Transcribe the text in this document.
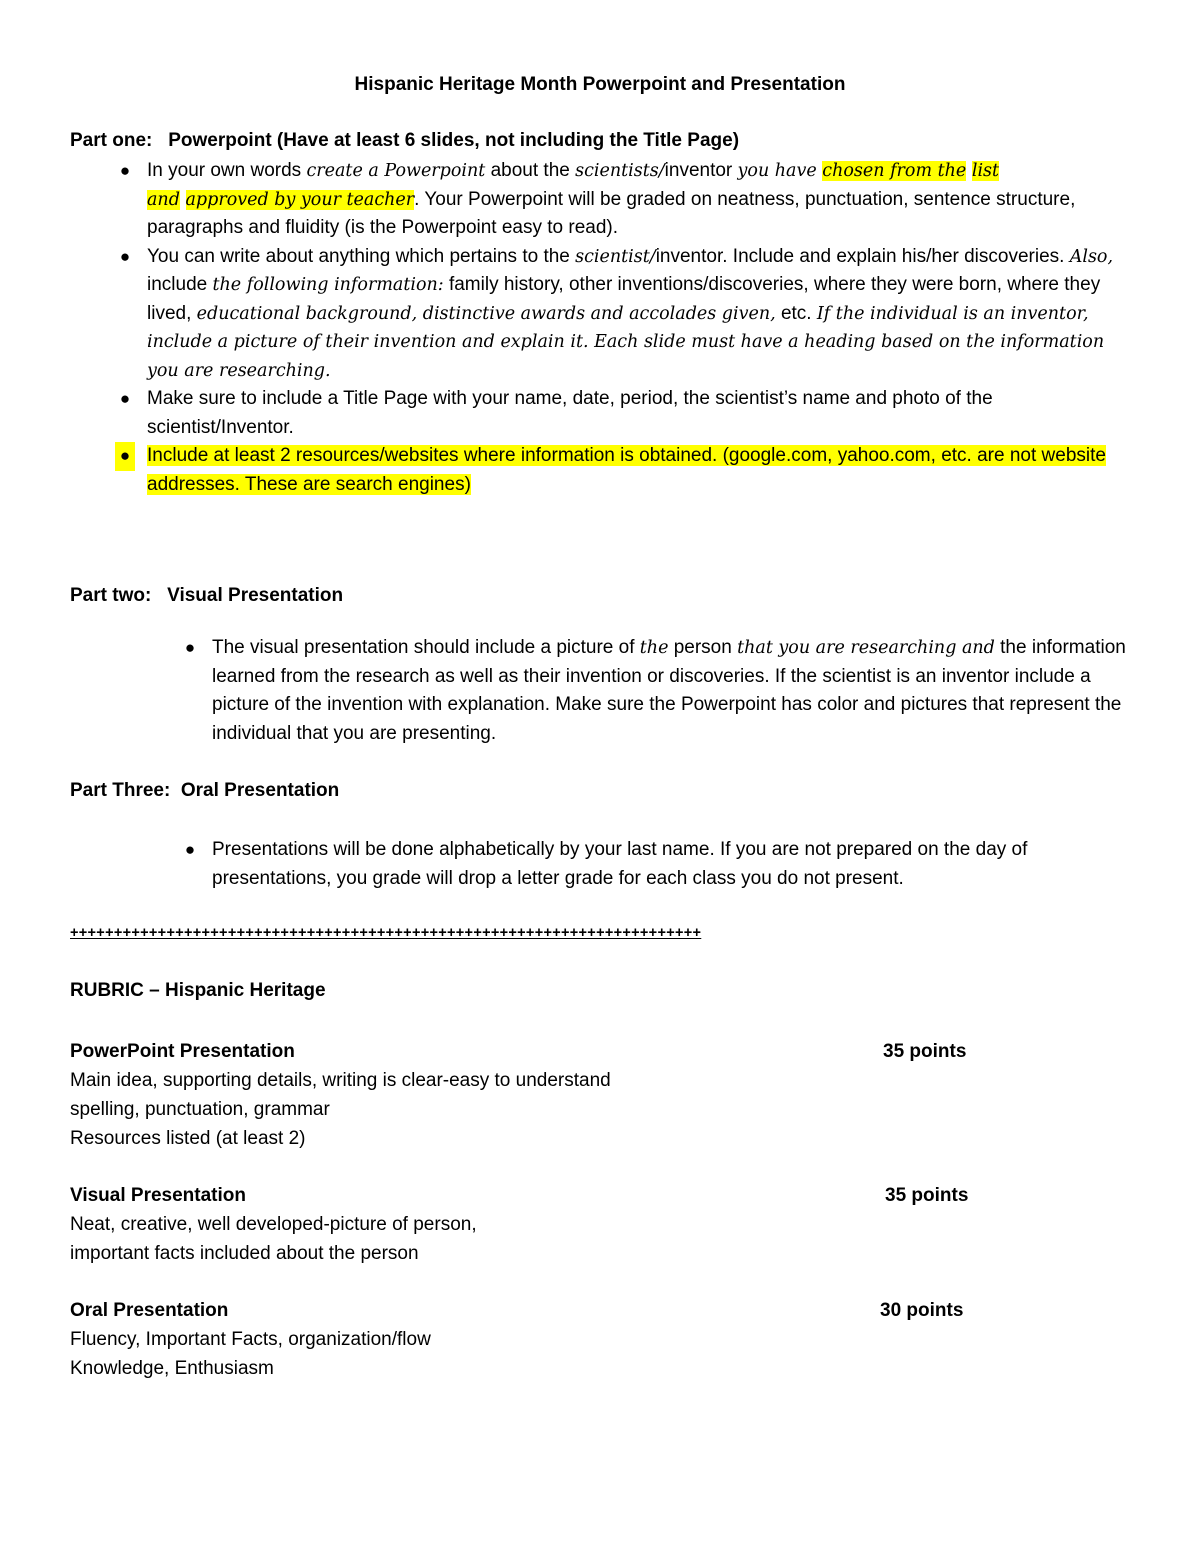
Hispanic Heritage Month Powerpoint and Presentation
Part one: Powerpoint (Have at least 6 slides, not including the Title Page)
● In your own words create a Powerpoint about the scientists/inventor you have chosen from the list
and approved by your teacher. Your Powerpoint will be graded on neatness, punctuation, sentence structure, paragraphs and fluidity (is the Powerpoint easy to read).
● You can write about anything which pertains to the scientist/inventor. Include and explain his/her discoveries. Also, include the following information: family history, other inventions/discoveries, where they were born, where they lived, educational background, distinctive awards and accolades given, etc. If the individual is an inventor, include a picture of their invention and explain it. Each slide must have a heading based on the information you are researching.
● Make sure to include a Title Page with your name, date, period, the scientist’s name and photo of the scientist/Inventor.
● Include at least 2 resources/websites where information is obtained. (google.com, yahoo.com, etc. are not website addresses. These are search engines)
Part two: Visual Presentation
● The visual presentation should include a picture of the person that you are researching and the information learned from the research as well as their invention or discoveries. If the scientist is an inventor include a picture of the invention with explanation. Make sure the Powerpoint has color and pictures that represent the individual that you are presenting.
Part Three: Oral Presentation
● Presentations will be done alphabetically by your last name. If you are not prepared on the day of presentations, you grade will drop a letter grade for each class you do not present.
++++++++++++++++++++++++++++++++++++++++++++++++++++++++++++++++++++++++
RUBRIC – Hispanic Heritage
PowerPoint Presentation	35 points
Main idea, supporting details, writing is clear-easy to understand
spelling, punctuation, grammar
Resources listed (at least 2)
Visual Presentation	35 points
Neat, creative, well developed-picture of person,
important facts included about the person
Oral Presentation	30 points
Fluency, Important Facts, organization/flow
Knowledge, Enthusiasm
